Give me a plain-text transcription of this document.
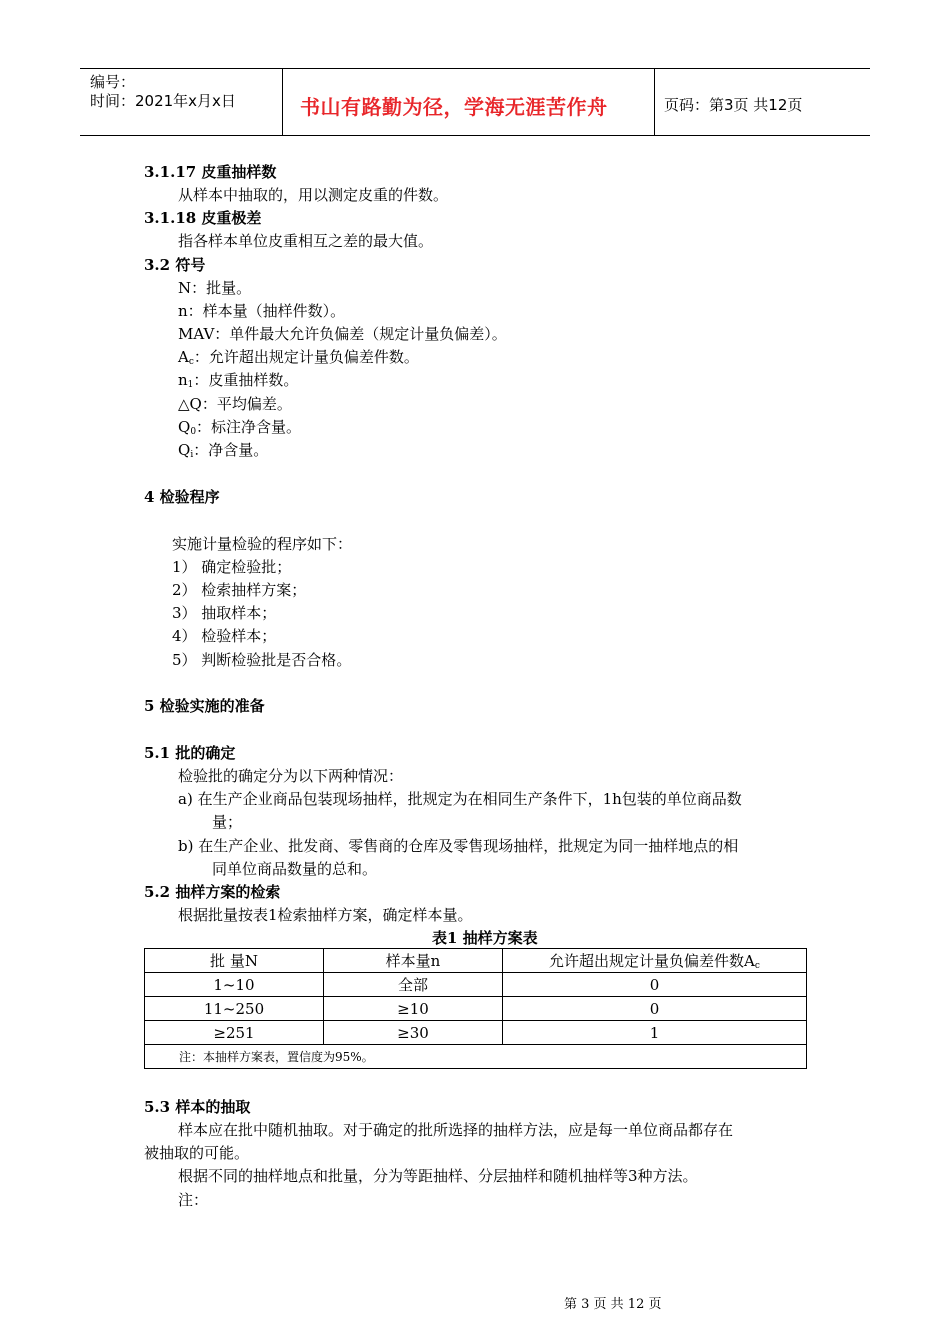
编号：
时间：2021年x月x日	书山有路勤为径，学海无涯苦作舟	页码：第3页 共12页
3.1.17 皮重抽样数
从样本中抽取的，用以测定皮重的件数。
3.1.18 皮重极差
指各样本单位皮重相互之差的最大值。
3.2 符号
N：批量。
n：样本量（抽样件数）。
MAV：单件最大允许负偏差（规定计量负偏差）。
$A_c$：允许超出规定计量负偏差件数。
$n_1$：皮重抽样数。
△Q：平均偏差。
$Q_0$：标注净含量。
$Q_i$：净含量。
4 检验程序
实施计量检验的程序如下：
1） 确定检验批；
2） 检索抽样方案；
3） 抽取样本；
4） 检验样本；
5） 判断检验批是否合格。
5 检验实施的准备
5.1 批的确定
检验批的确定分为以下两种情况：
a) 在生产企业商品包装现场抽样，批规定为在相同生产条件下，1h包装的单位商品数
量；
b) 在生产企业、批发商、零售商的仓库及零售现场抽样，批规定为同一抽样地点的相
同单位商品数量的总和。
5.2 抽样方案的检索
根据批量按表1检索抽样方案，确定样本量。
表1 抽样方案表
批 量N	样本量n	允许超出规定计量负偏差件数$A_c$
1~10	全部	0
11~250	≥10	0
≥251	≥30	1
注：本抽样方案表，置信度为95%。		
5.3 样本的抽取
样本应在批中随机抽取。对于确定的批所选择的抽样方法，应是每一单位商品都存在
被抽取的可能。
根据不同的抽样地点和批量，分为等距抽样、分层抽样和随机抽样等3种方法。
注：
第 3 页 共 12 页
